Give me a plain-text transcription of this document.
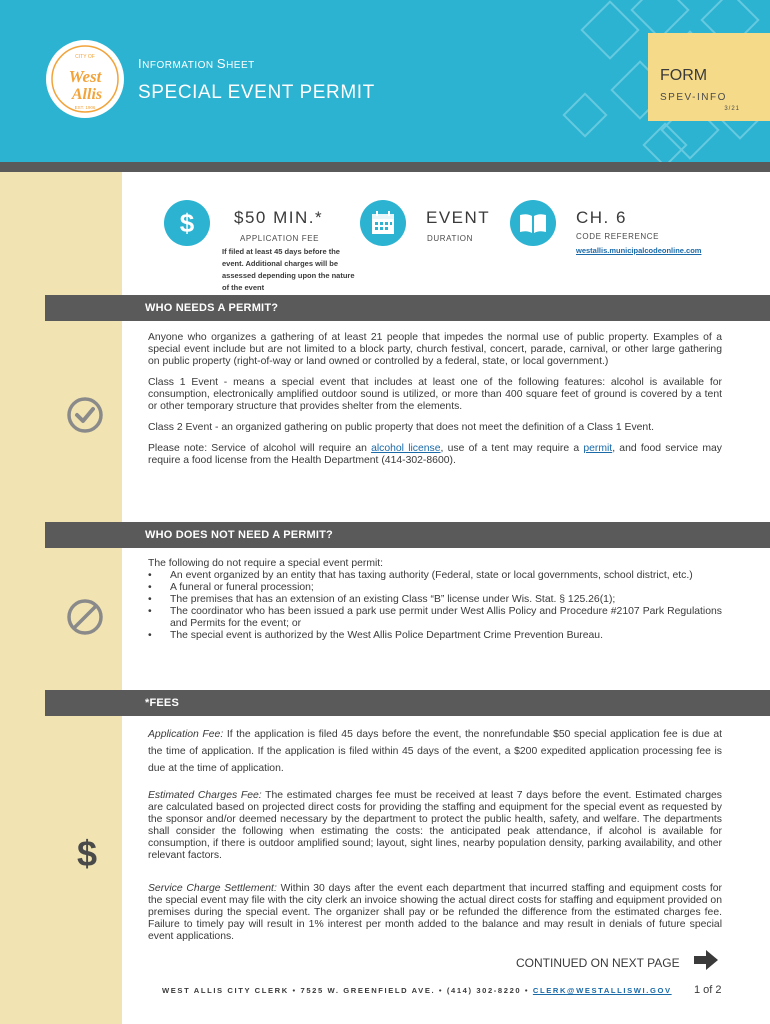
CITY OF
West
Allis
EST. 1906
INFORMATION SHEET
SPECIAL EVENT PERMIT
FORM
SPEV-INFO
3/21
$ $50 MIN.*
APPLICATION FEE
If filed at least 45 days before the event. Additional charges will be assessed depending upon the nature of the event
EVENT
DURATION
CH. 6
CODE REFERENCE
westallis.municipalcodeonline.com
WHO NEEDS A PERMIT?

Anyone who organizes a gathering of at least 21 people that impedes the normal use of public property. Examples of a special event include but are not limited to a block party, church festival, concert, parade, carnival, or other large gathering on public property (right-of-way or land owned or controlled by a federal, state, or local government.)

Class 1 Event - means a special event that includes at least one of the following features: alcohol is available for consumption, electronically amplified outdoor sound is utilized, or more than 400 square feet of ground is covered by a tent or other temporary structure that provides shelter from the elements.

Class 2 Event - an organized gathering on public property that does not meet the definition of a Class 1 Event.

Please note: Service of alcohol will require an alcohol license, use of a tent may require a permit, and food service may require a food license from the Health Department (414-302-8600).

WHO DOES NOT NEED A PERMIT?

The following do not require a special event permit:

• An event organized by an entity that has taxing authority (Federal, state or local governments, school district, etc.)
• A funeral or funeral procession;
• The premises that has an extension of an existing Class “B” license under Wis. Stat. § 125.26(1);
• The coordinator who has been issued a park use permit under West Allis Policy and Procedure #2107 Park Regulations and Permits for the event; or
• The special event is authorized by the West Allis Police Department Crime Prevention Bureau.
*FEES
$

Application Fee: If the application is filed 45 days before the event, the nonrefundable $50 special application fee is due at the time of application. If the application is filed within 45 days of the event, a $200 expedited application processing fee is due at the time of application.

Estimated Charges Fee: The estimated charges fee must be received at least 7 days before the event. Estimated charges are calculated based on projected direct costs for providing the staffing and equipment for the special event as requested by the sponsor and/or deemed necessary by the department to protect the public health, safety, and welfare. The departments shall consider the following when estimating the costs: the anticipated peak attendance, if alcohol is available for consumption, if there is outdoor amplified sound; layout, sight lines, nearby population density, parking availability, and other relevant factors.

Service Charge Settlement: Within 30 days after the event each department that incurred staffing and equipment costs for the special event may file with the city clerk an invoice showing the actual direct costs for staffing and equipment provided on premises during the special event. The organizer shall pay or be refunded the difference from the estimated charges fee. Failure to timely pay will result in 1% interest per month added to the balance and may result in denials of future special event applications.

CONTINUED ON NEXT PAGE
WEST ALLIS CITY CLERK • 7525 W. GREENFIELD AVE. • (414) 302-8220 • CLERK@WESTALLISWI.GOV 1 of 2
